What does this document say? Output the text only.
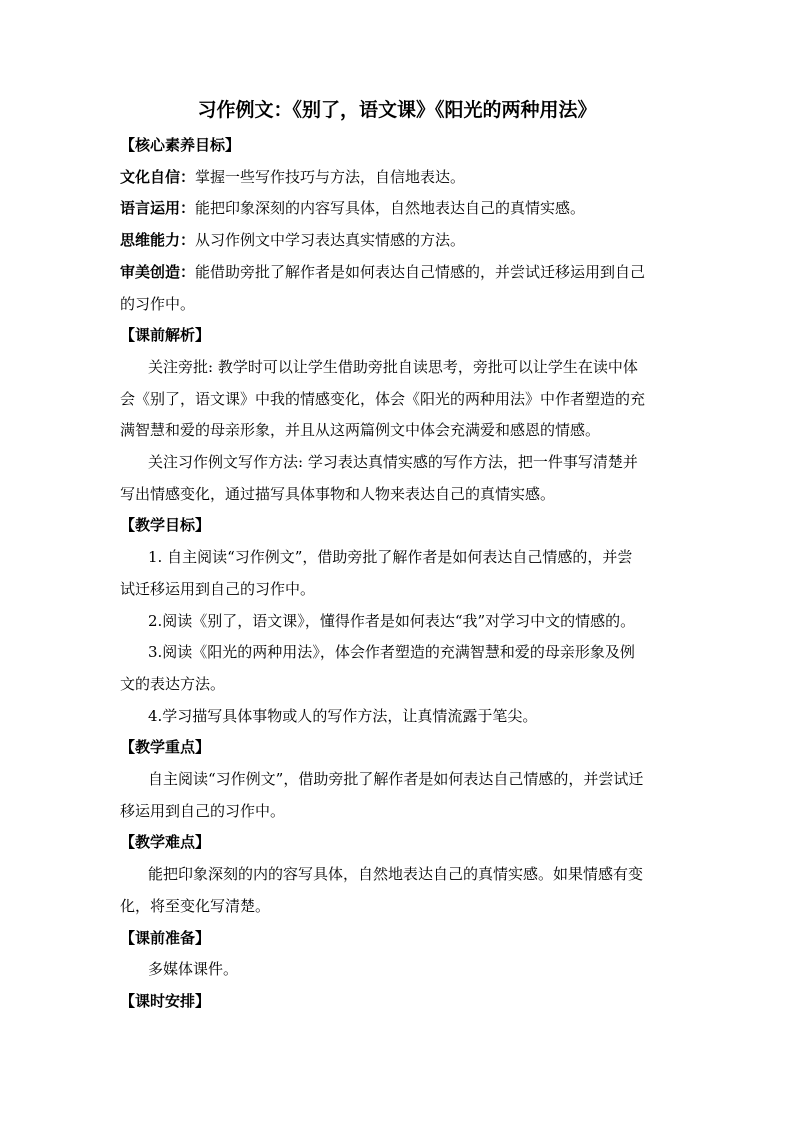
习作例文：《别了，语文课》《阳光的两种用法》

【核心素养目标】

文化自信：掌握一些写作技巧与方法，自信地表达。

语言运用：能把印象深刻的内容写具体，自然地表达自己的真情实感。

思维能力：从习作例文中学习表达真实情感的方法。

审美创造：能借助旁批了解作者是如何表达自己情感的，并尝试迁移运用到自己

的习作中。

【课前解析】

关注旁批: 教学时可以让学生借助旁批自读思考，旁批可以让学生在读中体

会《别了，语文课》中我的情感变化，体会《阳光的两种用法》中作者塑造的充

满智慧和爱的母亲形象，并且从这两篇例文中体会充满爱和感恩的情感。

关注习作例文写作方法: 学习表达真情实感的写作方法，把一件事写清楚并

写出情感变化，通过描写具体事物和人物来表达自己的真情实感。

【教学目标】

1. 自主阅读“习作例文”，借助旁批了解作者是如何表达自己情感的，并尝

试迁移运用到自己的习作中。

2.阅读《别了，语文课》，懂得作者是如何表达“我”对学习中文的情感的。

3.阅读《阳光的两种用法》，体会作者塑造的充满智慧和爱的母亲形象及例

文的表达方法。

4.学习描写具体事物或人的写作方法，让真情流露于笔尖。

【教学重点】

自主阅读“习作例文”，借助旁批了解作者是如何表达自己情感的，并尝试迁

移运用到自己的习作中。

【教学难点】

能把印象深刻的内的容写具体，自然地表达自己的真情实感。如果情感有变

化，将至变化写清楚。

【课前准备】

多媒体课件。

【课时安排】
